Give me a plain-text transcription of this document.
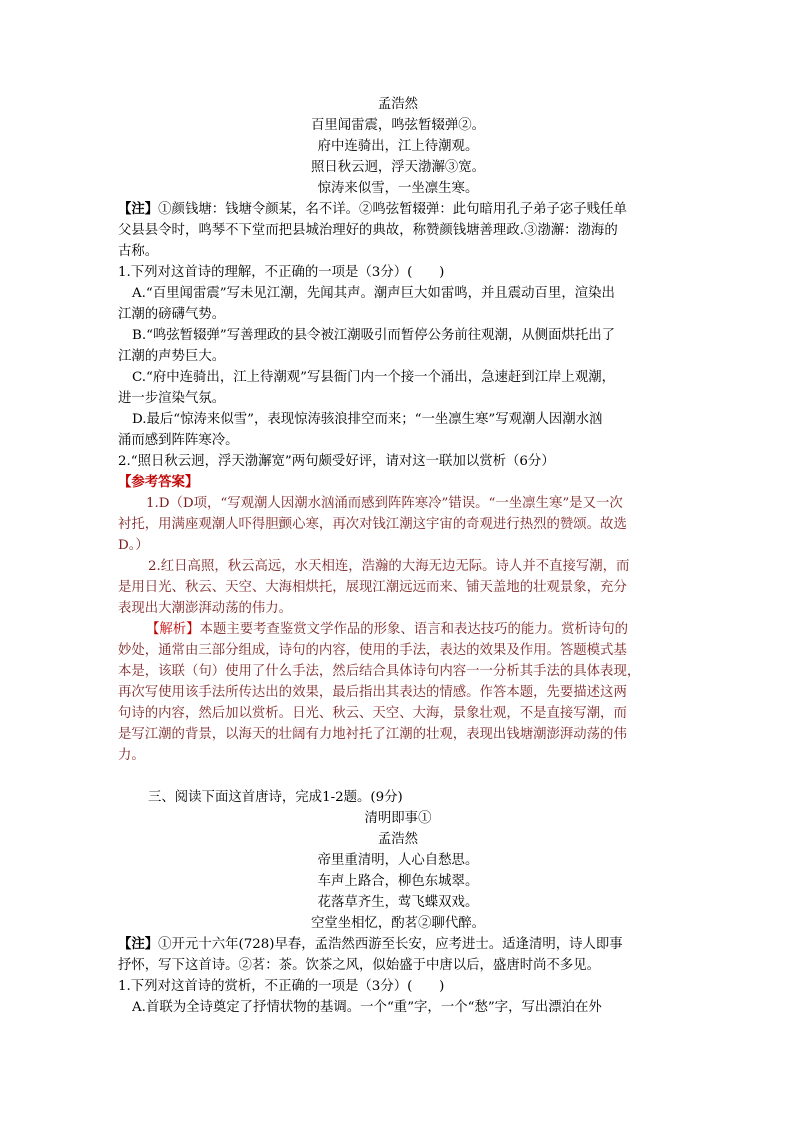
孟浩然
百里闻雷震，鸣弦暂辍弹②。
府中连骑出，江上待潮观。
照日秋云迥，浮天渤澥③宽。
惊涛来似雪，一坐凛生寒。
【注】①颜钱塘：钱塘令颜某，名不详。②鸣弦暂辍弹：此句暗用孔子弟子宓子贱任单
父县县令时，鸣琴不下堂而把县城治理好的典故，称赞颜钱塘善理政.③渤澥：渤海的
古称。
1.下列对这首诗的理解，不正确的一项是（3分）(　　)
A.“百里闻雷震”写未见江潮，先闻其声。潮声巨大如雷鸣，并且震动百里，渲染出
江潮的磅礴气势。
B.“鸣弦暂辍弹”写善理政的县令被江潮吸引而暂停公务前往观潮，从侧面烘托出了
江潮的声势巨大。
C.“府中连骑出，江上待潮观”写县衙门内一个接一个涌出，急速赶到江岸上观潮，
进一步渲染气氛。
D.最后“惊涛来似雪”，表现惊涛骇浪排空而来；“一坐凛生寒”写观潮人因潮水汹
涌而感到阵阵寒冷。
2.“照日秋云迥，浮天渤澥宽”两句颇受好评，请对这一联加以赏析（6分）
【参考答案】
1.D（D项，“写观潮人因潮水汹涌而感到阵阵寒冷”错误。“一坐凛生寒”是又一次
衬托，用满座观潮人吓得胆颤心寒，再次对钱江潮这宇宙的奇观进行热烈的赞颂。故选
D。）
2.红日高照，秋云高远，水天相连，浩瀚的大海无边无际。诗人并不直接写潮，而
是用日光、秋云、天空、大海相烘托，展现江潮远远而来、铺天盖地的壮观景象，充分
表现出大潮澎湃动荡的伟力。
【解析】本题主要考查鉴赏文学作品的形象、语言和表达技巧的能力。赏析诗句的
妙处，通常由三部分组成，诗句的内容，使用的手法，表达的效果及作用。答题模式基
本是，该联（句）使用了什么手法，然后结合具体诗句内容一一分析其手法的具体表现，
再次写使用该手法所传达出的效果，最后指出其表达的情感。作答本题，先要描述这两
句诗的内容，然后加以赏析。日光、秋云、天空、大海，景象壮观，不是直接写潮，而
是写江潮的背景，以海天的壮阔有力地衬托了江潮的壮观，表现出钱塘潮澎湃动荡的伟
力。
三、阅读下面这首唐诗，完成1-2题。(9分)
清明即事①
孟浩然
帝里重清明，人心自愁思。
车声上路合，柳色东城翠。
花落草齐生，莺飞蝶双戏。
空堂坐相忆，酌茗②聊代醉。
【注】①开元十六年(728)早春，孟浩然西游至长安，应考进士。适逢清明，诗人即事
抒怀，写下这首诗。②茗：茶。饮茶之风，似始盛于中唐以后，盛唐时尚不多见。
1.下列对这首诗的赏析，不正确的一项是（3分）(　　)
A.首联为全诗奠定了抒情状物的基调。一个“重”字，一个“愁”字，写出漂泊在外
